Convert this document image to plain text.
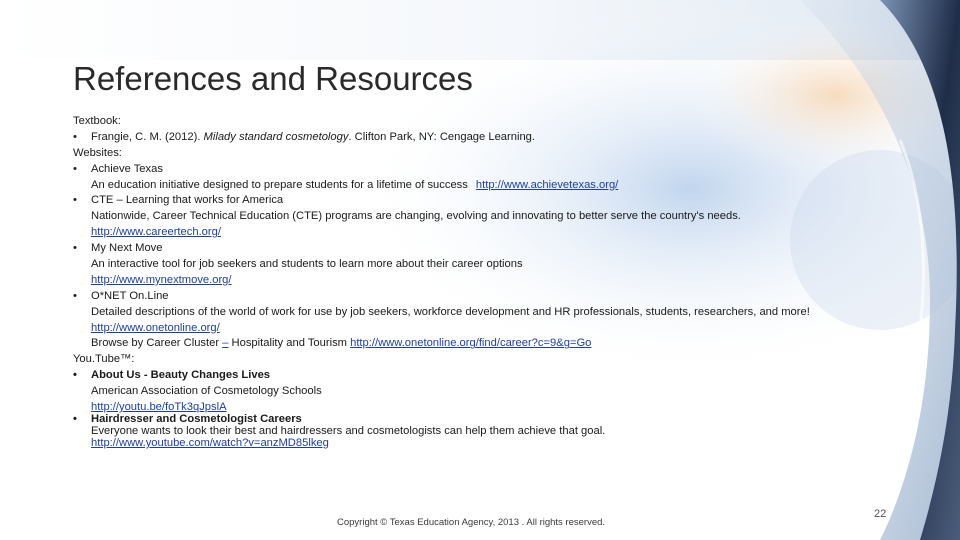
References and Resources
Textbook:
• Frangie, C. M. (2012). Milady standard cosmetology. Clifton Park, NY: Cengage Learning.
Websites:
• Achieve Texas
An education initiative designed to prepare students for a lifetime of success http://www.achievetexas.org/
• CTE – Learning that works for America
Nationwide, Career Technical Education (CTE) programs are changing, evolving and innovating to better serve the country's needs.
http://www.careertech.org/
• My Next Move
An interactive tool for job seekers and students to learn more about their career options
http://www.mynextmove.org/
• O*NET On.Line
Detailed descriptions of the world of work for use by job seekers, workforce development and HR professionals, students, researchers, and more!
http://www.onetonline.org/
Browse by Career Cluster – Hospitality and Tourism http://www.onetonline.org/find/career?c=9&g=Go
You.Tube™:
• About Us - Beauty Changes Lives
American Association of Cosmetology Schools
http://youtu.be/foTk3qJpslA
• Hairdresser and Cosmetologist Careers
Everyone wants to look their best and hairdressers and cosmetologists can help them achieve that goal.
http://www.youtube.com/watch?v=anzMD85lkeg
Copyright © Texas Education Agency, 2013 . All rights reserved.
22
